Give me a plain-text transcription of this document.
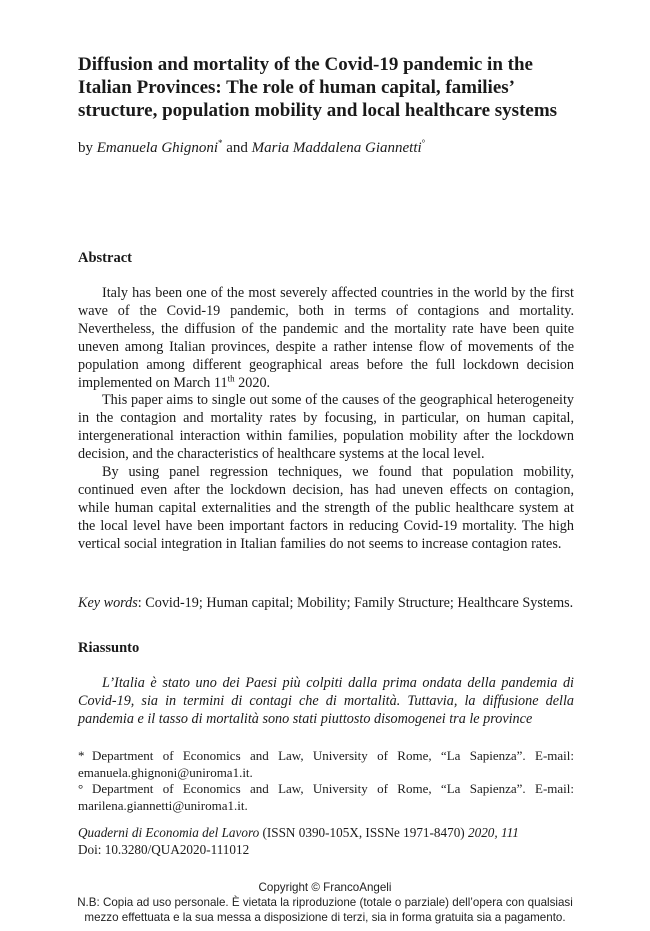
Diffusion and mortality of the Covid-19 pandemic in the Italian Provinces: The role of human capital, families’ structure, population mobility and local healthcare systems
by Emanuela Ghignoni* and Maria Maddalena Giannetti°
Abstract

Italy has been one of the most severely affected countries in the world by the first wave of the Covid-19 pandemic, both in terms of contagions and mortality. Nevertheless, the diffusion of the pandemic and the mortality rate have been quite uneven among Italian provinces, despite a rather intense flow of movements of the population among different geographical areas before the full lockdown decision implemented on March 11th 2020.

This paper aims to single out some of the causes of the geographical heterogeneity in the contagion and mortality rates by focusing, in particular, on human capital, intergenerational interaction within families, population mobility after the lockdown decision, and the characteristics of healthcare systems at the local level.

By using panel regression techniques, we found that population mobility, continued even after the lockdown decision, has had uneven effects on contagion, while human capital externalities and the strength of the public healthcare system at the local level have been important factors in reducing Covid-19 mortality. The high vertical social integration in Italian families do not seems to increase contagion rates.

Key words: Covid-19; Human capital; Mobility; Family Structure; Healthcare Systems.
Riassunto

L’Italia è stato uno dei Paesi più colpiti dalla prima ondata della pandemia di Covid-19, sia in termini di contagi che di mortalità. Tuttavia, la diffusione della pandemia e il tasso di mortalità sono stati piuttosto disomogenei tra le province

* Department of Economics and Law, University of Rome, “La Sapienza”. E-mail: emanuela.ghignoni@uniroma1.it.

° Department of Economics and Law, University of Rome, “La Sapienza”. E-mail: marilena.giannetti@uniroma1.it.

Quaderni di Economia del Lavoro (ISSN 0390-105X, ISSNe 1971-8470) 2020, 111
Doi: 10.3280/QUA2020-111012
Copyright © FrancoAngeli
N.B: Copia ad uso personale. È vietata la riproduzione (totale o parziale) dell’opera con qualsiasi
mezzo effettuata e la sua messa a disposizione di terzi, sia in forma gratuita sia a pagamento.
